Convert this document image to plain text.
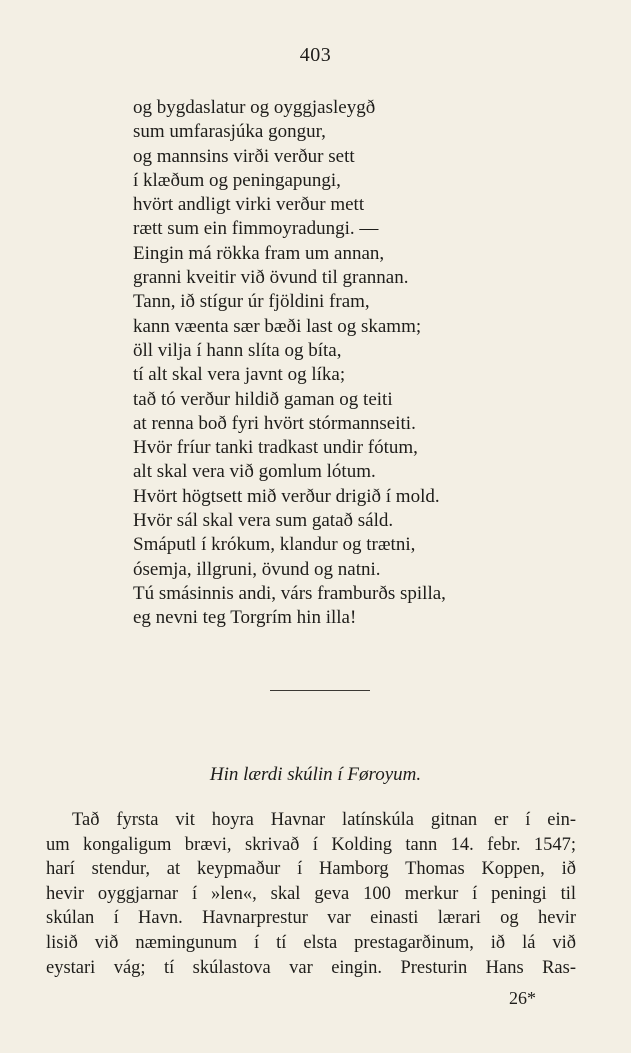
403
og bygdaslatur og oyggjasleygð
sum umfarasjúka gongur,
og mannsins virði verður sett
í klæðum og peningapungi,
hvört andligt virki verður mett
rætt sum ein fimmoyradungi. —
Eingin má rökka fram um annan,
granni kveitir við övund til grannan.
Tann, ið stígur úr fjöldini fram,
kann væenta sær bæði last og skamm;
öll vilja í hann slíta og bíta,
tí alt skal vera javnt og líka;
tað tó verður hildið gaman og teiti
at renna boð fyri hvört stórmannseiti.
Hvör fríur tanki tradkast undir fótum,
alt skal vera við gomlum lótum.
Hvört högtsett mið verður drigið í mold.
Hvör sál skal vera sum gatað sáld.
Smáputl í krókum, klandur og trætni,
ósemja, illgruni, övund og natni.
Tú smásinnis andi, várs framburðs spilla,
eg nevni teg Torgrím hin illa!
Hin lærdi skúlin í Føroyum.
Tað fyrsta vit hoyra Havnar latínskúla gitnan er í ein-
um kongaligum brævi, skrivað í Kolding tann 14. febr. 1547;
harí stendur, at keypmaður í Hamborg Thomas Koppen, ið
hevir oyggjarnar í »len«, skal geva 100 merkur í peningi til
skúlan í Havn. Havnarprestur var einasti lærari og hevir
lisið við næmingunum í tí elsta prestagarðinum, ið lá við
eystari vág; tí skúlastova var eingin. Presturin Hans Ras-
26*
